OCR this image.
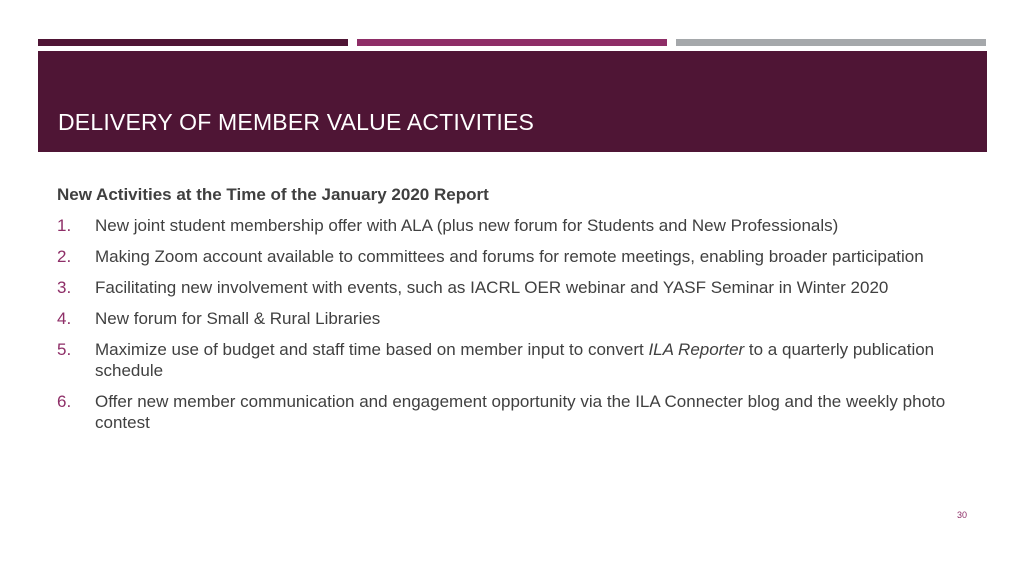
DELIVERY OF MEMBER VALUE ACTIVITIES
New Activities at the Time of the January 2020 Report
1. New joint student membership offer with ALA (plus new forum for Students and New Professionals)
2. Making Zoom account available to committees and forums for remote meetings, enabling broader participation
3. Facilitating new involvement with events, such as IACRL OER webinar and YASF Seminar in Winter 2020
4. New forum for Small & Rural Libraries
5. Maximize use of budget and staff time based on member input to convert ILA Reporter to a quarterly publication schedule
6. Offer new member communication and engagement opportunity via the ILA Connecter blog and the weekly photo contest
30
